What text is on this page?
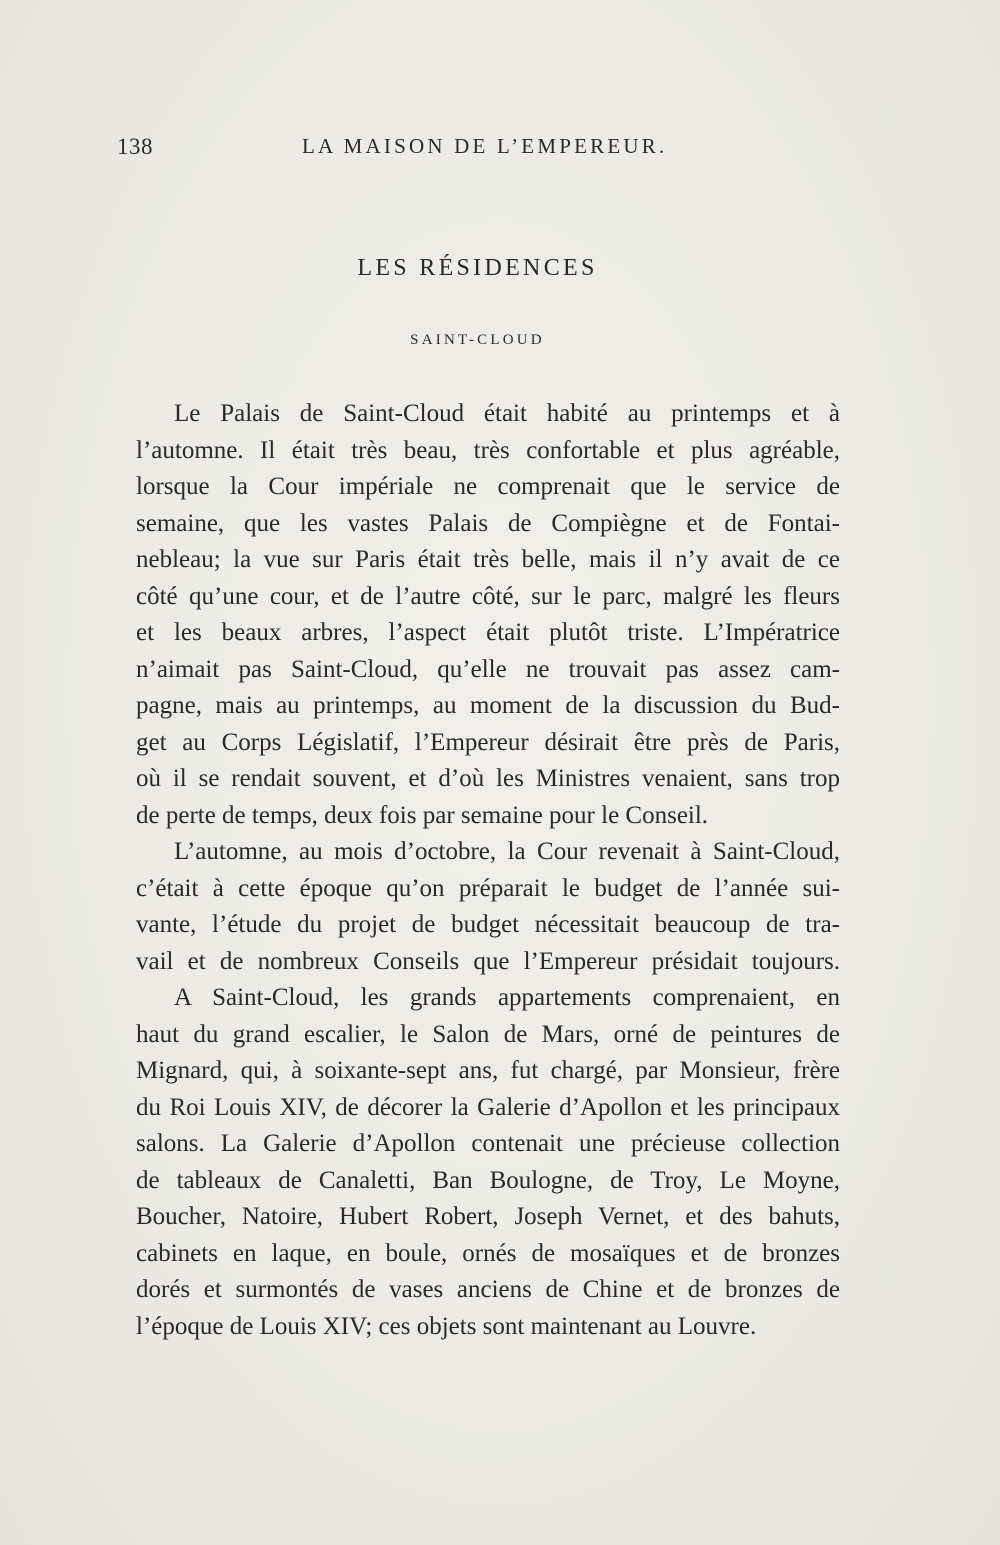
138	LA MAISON DE L’EMPEREUR.
LES RÉSIDENCES
SAINT-CLOUD
Le Palais de Saint-Cloud était habité au printemps et à
l’automne. Il était très beau, très confortable et plus agréable,
lorsque la Cour impériale ne comprenait que le service de
semaine, que les vastes Palais de Compiègne et de Fontai-
nebleau; la vue sur Paris était très belle, mais il n’y avait de ce
côté qu’une cour, et de l’autre côté, sur le parc, malgré les fleurs
et les beaux arbres, l’aspect était plutôt triste. L’Impératrice
n’aimait pas Saint-Cloud, qu’elle ne trouvait pas assez cam-
pagne, mais au printemps, au moment de la discussion du Bud-
get au Corps Législatif, l’Empereur désirait être près de Paris,
où il se rendait souvent, et d’où les Ministres venaient, sans trop
de perte de temps, deux fois par semaine pour le Conseil.
L’automne, au mois d’octobre, la Cour revenait à Saint-Cloud,
c’était à cette époque qu’on préparait le budget de l’année sui-
vante, l’étude du projet de budget nécessitait beaucoup de tra-
vail et de nombreux Conseils que l’Empereur présidait toujours.
A Saint-Cloud, les grands appartements comprenaient, en
haut du grand escalier, le Salon de Mars, orné de peintures de
Mignard, qui, à soixante-sept ans, fut chargé, par Monsieur, frère
du Roi Louis XIV, de décorer la Galerie d’Apollon et les principaux
salons. La Galerie d’Apollon contenait une précieuse collection
de tableaux de Canaletti, Ban Boulogne, de Troy, Le Moyne,
Boucher, Natoire, Hubert Robert, Joseph Vernet, et des bahuts,
cabinets en laque, en boule, ornés de mosaïques et de bronzes
dorés et surmontés de vases anciens de Chine et de bronzes de
l’époque de Louis XIV; ces objets sont maintenant au Louvre.
